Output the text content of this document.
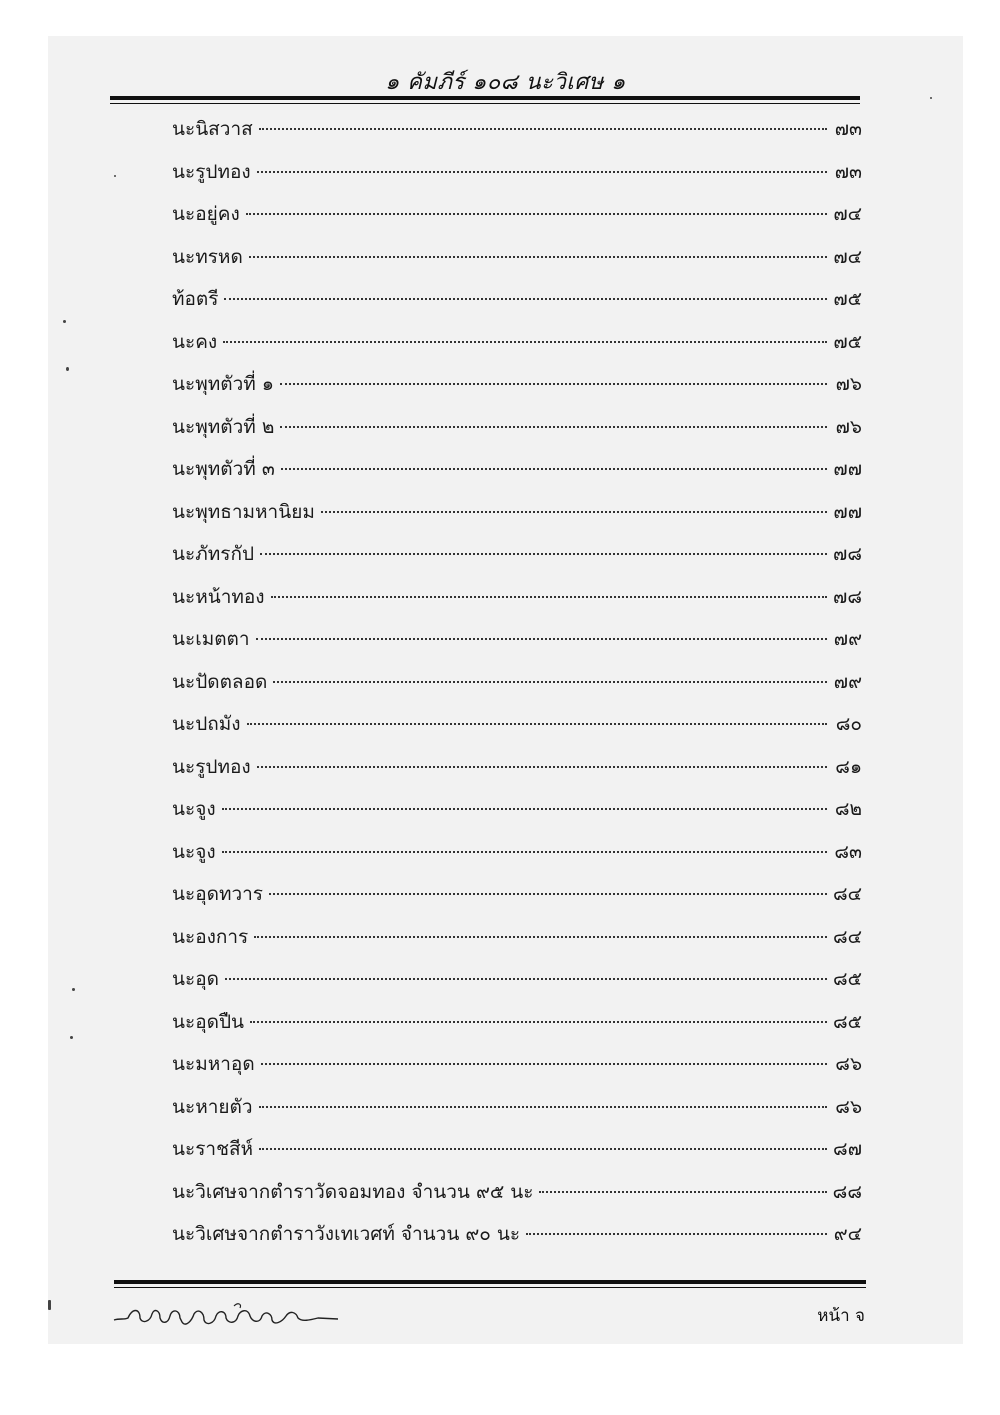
๑ คัมภีร์ ๑๐๘ นะวิเศษ ๑
นะนิสวาส	๗๓
นะรูปทอง	๗๓
นะอยู่คง	๗๔
นะทรหด	๗๔
ท้อตรี	๗๕
นะคง	๗๕
นะพุทตัวที่ ๑	๗๖
นะพุทตัวที่ ๒	๗๖
นะพุทตัวที่ ๓	๗๗
นะพุทธามหานิยม	๗๗
นะภัทรกัป	๗๘
นะหน้าทอง	๗๘
นะเมตตา	๗๙
นะปัดตลอด	๗๙
นะปถมัง	๘๐
นะรูปทอง	๘๑
นะจูง	๘๒
นะจูง	๘๓
นะอุดทวาร	๘๔
นะองการ	๘๔
นะอุด	๘๕
นะอุดปืน	๘๕
นะมหาอุด	๘๖
นะหายตัว	๘๖
นะราชสีห์	๘๗
นะวิเศษจากตำราวัดจอมทอง จำนวน ๙๕ นะ	๘๘
นะวิเศษจากตำราวังเทเวศท์ จำนวน ๙๐ นะ	๙๔
หน้า จ
